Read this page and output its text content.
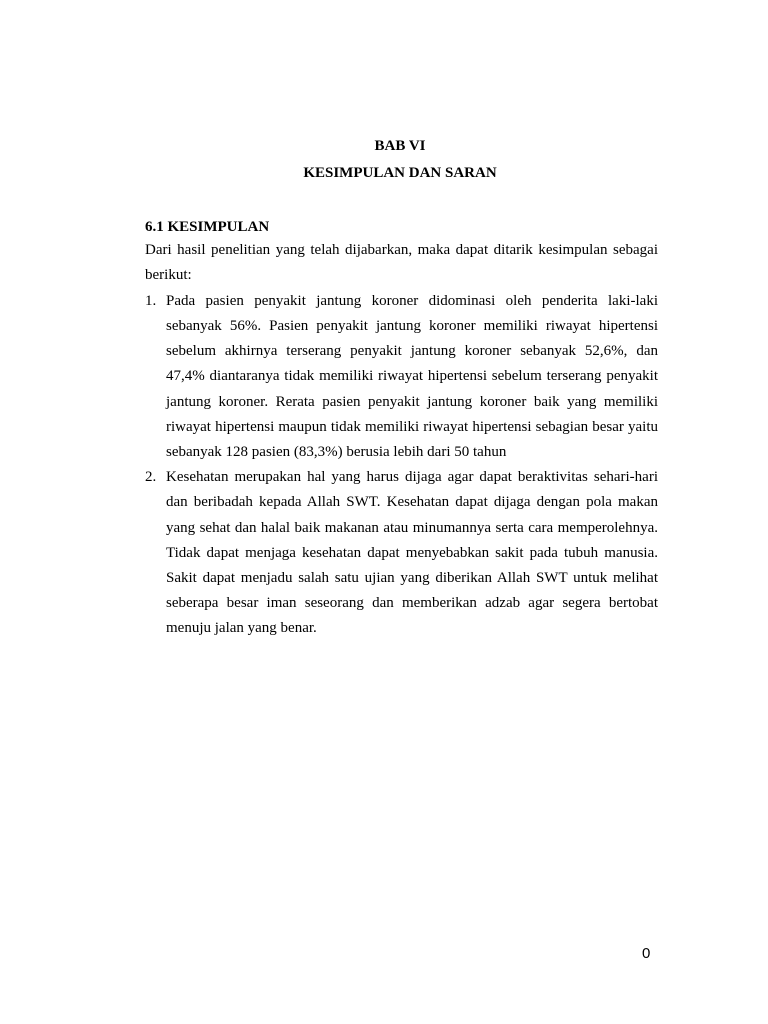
BAB VI
KESIMPULAN DAN SARAN

6.1 KESIMPULAN

Dari hasil penelitian yang telah dijabarkan, maka dapat ditarik kesimpulan sebagai berikut:

1. Pada pasien penyakit jantung koroner didominasi oleh penderita laki-laki sebanyak 56%. Pasien penyakit jantung koroner memiliki riwayat hipertensi sebelum akhirnya terserang penyakit jantung koroner sebanyak 52,6%, dan 47,4% diantaranya tidak memiliki riwayat hipertensi sebelum terserang penyakit jantung koroner. Rerata pasien penyakit jantung koroner baik yang memiliki riwayat hipertensi maupun tidak memiliki riwayat hipertensi sebagian besar yaitu sebanyak 128 pasien (83,3%) berusia lebih dari 50 tahun
2. Kesehatan merupakan hal yang harus dijaga agar dapat beraktivitas sehari-hari dan beribadah kepada Allah SWT. Kesehatan dapat dijaga dengan pola makan yang sehat dan halal baik makanan atau minumannya serta cara memperolehnya. Tidak dapat menjaga kesehatan dapat menyebabkan sakit pada tubuh manusia. Sakit dapat menjadu salah satu ujian yang diberikan Allah SWT untuk melihat seberapa besar iman seseorang dan memberikan adzab agar segera bertobat menuju jalan yang benar.
0
